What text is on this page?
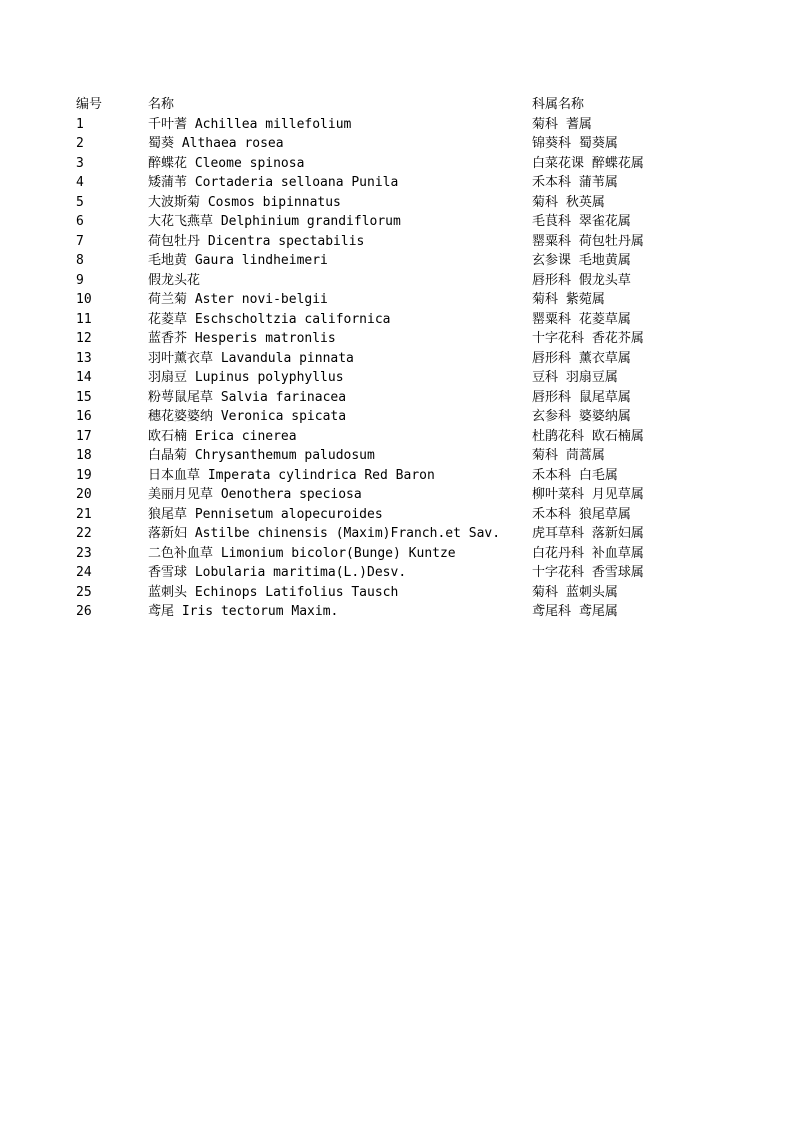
编号	名称	科属名称
1	千叶蓍 Achillea millefolium	菊科 蓍属
2	蜀葵 Althaea rosea	锦葵科 蜀葵属
3	醉蝶花 Cleome spinosa	白菜花课 醉蝶花属
4	矮蒲苇 Cortaderia selloana Punila	禾本科 蒲苇属
5	大波斯菊 Cosmos bipinnatus	菊科 秋英属
6	大花飞燕草 Delphinium grandiflorum	毛茛科 翠雀花属
7	荷包牡丹 Dicentra spectabilis	罂粟科 荷包牡丹属
8	毛地黄 Gaura lindheimeri	玄参课 毛地黄属
9	假龙头花	唇形科 假龙头草
10	荷兰菊 Aster novi-belgii	菊科 紫菀属
11	花菱草 Eschscholtzia californica	罂粟科 花菱草属
12	蓝香芥 Hesperis matronlis	十字花科 香花芥属
13	羽叶薰衣草 Lavandula pinnata	唇形科 薰衣草属
14	羽扇豆 Lupinus polyphyllus	豆科 羽扇豆属
15	粉萼鼠尾草 Salvia farinacea	唇形科 鼠尾草属
16	穗花婆婆纳 Veronica spicata	玄参科 婆婆纳属
17	欧石楠 Erica cinerea	杜鹃花科 欧石楠属
18	白晶菊 Chrysanthemum paludosum	菊科 茼蒿属
19	日本血草 Imperata cylindrica Red Baron	禾本科 白毛属
20	美丽月见草 Oenothera speciosa	柳叶菜科 月见草属
21	狼尾草 Pennisetum alopecuroides	禾本科 狼尾草属
22	落新妇 Astilbe chinensis (Maxim)Franch.et Sav.	虎耳草科 落新妇属
23	二色补血草 Limonium bicolor(Bunge) Kuntze	白花丹科 补血草属
24	香雪球 Lobularia maritima(L.)Desv.	十字花科 香雪球属
25	蓝刺头 Echinops Latifolius Tausch	菊科 蓝刺头属
26	鸢尾 Iris tectorum Maxim.	鸢尾科 鸢尾属
